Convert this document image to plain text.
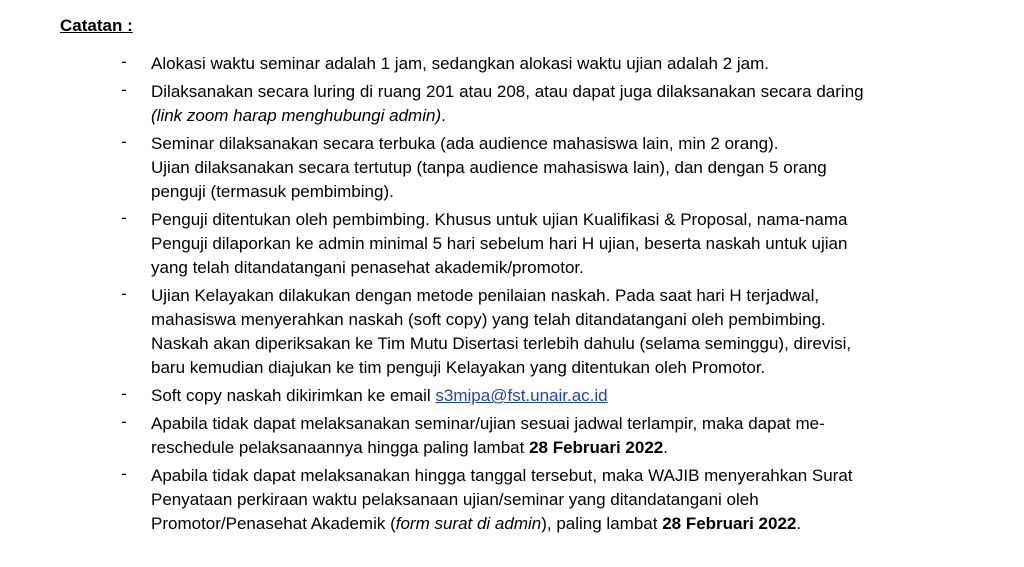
Catatan :
-	Alokasi waktu seminar adalah 1 jam, sedangkan alokasi waktu ujian adalah 2 jam.
-	Dilaksanakan secara luring di ruang 201 atau 208, atau dapat juga dilaksanakan secara daring
(link zoom harap menghubungi admin).
-	Seminar dilaksanakan secara terbuka (ada audience mahasiswa lain, min 2 orang).
Ujian dilaksanakan secara tertutup (tanpa audience mahasiswa lain), dan dengan 5 orang
penguji (termasuk pembimbing).
-	Penguji ditentukan oleh pembimbing. Khusus untuk ujian Kualifikasi & Proposal, nama-nama
Penguji dilaporkan ke admin minimal 5 hari sebelum hari H ujian, beserta naskah untuk ujian
yang telah ditandatangani penasehat akademik/promotor.
-	Ujian Kelayakan dilakukan dengan metode penilaian naskah. Pada saat hari H terjadwal,
mahasiswa menyerahkan naskah (soft copy) yang telah ditandatangani oleh pembimbing.
Naskah akan diperiksakan ke Tim Mutu Disertasi terlebih dahulu (selama seminggu), direvisi,
baru kemudian diajukan ke tim penguji Kelayakan yang ditentukan oleh Promotor.
-	Soft copy naskah dikirimkan ke email s3mipa@fst.unair.ac.id
-	Apabila tidak dapat melaksanakan seminar/ujian sesuai jadwal terlampir, maka dapat me-
reschedule pelaksanaannya hingga paling lambat 28 Februari 2022.
-	Apabila tidak dapat melaksanakan hingga tanggal tersebut, maka WAJIB menyerahkan Surat
Penyataan perkiraan waktu pelaksanaan ujian/seminar yang ditandatangani oleh
Promotor/Penasehat Akademik (form surat di admin), paling lambat 28 Februari 2022.
